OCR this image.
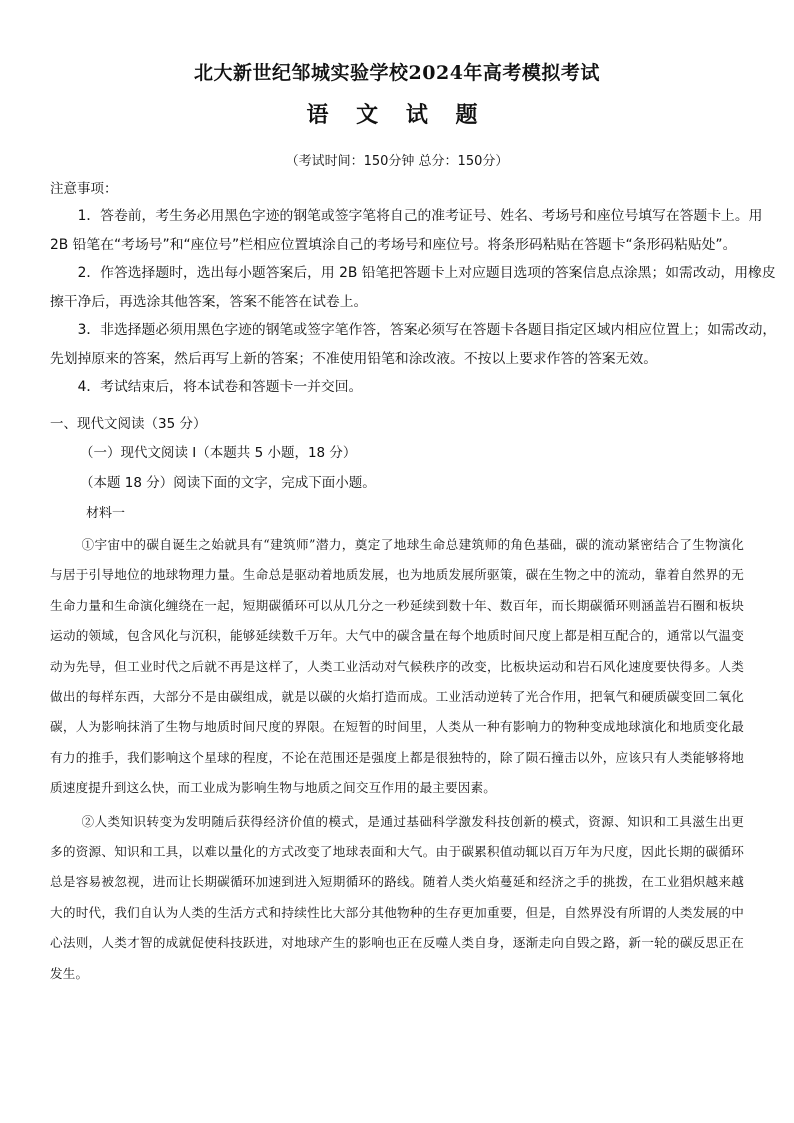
北大新世纪邹城实验学校2024年高考模拟考试
语 文 试 题
（考试时间：150分钟 总分：150分）
注意事项：

1．答卷前，考生务必用黑色字迹的钢笔或签字笔将自己的准考证号、姓名、考场号和座位号填写在答题卡上。用 2B 铅笔在“考场号”和“座位号”栏相应位置填涂自己的考场号和座位号。将条形码粘贴在答题卡“条形码粘贴处”。

2．作答选择题时，选出每小题答案后，用 2B 铅笔把答题卡上对应题目选项的答案信息点涂黑；如需改动，用橡皮擦干净后，再选涂其他答案，答案不能答在试卷上。

3．非选择题必须用黑色字迹的钢笔或签字笔作答，答案必须写在答题卡各题目指定区域内相应位置上；如需改动，先划掉原来的答案，然后再写上新的答案；不准使用铅笔和涂改液。不按以上要求作答的答案无效。

4．考试结束后，将本试卷和答题卡一并交回。

一、现代文阅读（35 分）
（一）现代文阅读 I（本题共 5 小题，18 分）
（本题 18 分）阅读下面的文字，完成下面小题。
材料一

①宇宙中的碳自诞生之始就具有“建筑师”潜力，奠定了地球生命总建筑师的角色基础，碳的流动紧密结合了生物演化与居于引导地位的地球物理力量。生命总是驱动着地质发展，也为地质发展所驱策，碳在生物之中的流动，靠着自然界的无生命力量和生命演化缠绕在一起，短期碳循环可以从几分之一秒延续到数十年、数百年，而长期碳循环则涵盖岩石圈和板块运动的领域，包含风化与沉积，能够延续数千万年。大气中的碳含量在每个地质时间尺度上都是相互配合的，通常以气温变动为先导，但工业时代之后就不再是这样了，人类工业活动对气候秩序的改变，比板块运动和岩石风化速度要快得多。人类做出的每样东西，大部分不是由碳组成，就是以碳的火焰打造而成。工业活动逆转了光合作用，把氧气和硬质碳变回二氧化碳，人为影响抹消了生物与地质时间尺度的界限。在短暂的时间里，人类从一种有影响力的物种变成地球演化和地质变化最有力的推手，我们影响这个星球的程度，不论在范围还是强度上都是很独特的，除了陨石撞击以外，应该只有人类能够将地质速度提升到这么快，而工业成为影响生物与地质之间交互作用的最主要因素。

②人类知识转变为发明随后获得经济价值的模式，是通过基础科学激发科技创新的模式，资源、知识和工具滋生出更多的资源、知识和工具，以难以量化的方式改变了地球表面和大气。由于碳累积值动辄以百万年为尺度，因此长期的碳循环总是容易被忽视，进而让长期碳循环加速到进入短期循环的路线。随着人类火焰蔓延和经济之手的挑拨，在工业猖炽越来越大的时代，我们自认为人类的生活方式和持续性比大部分其他物种的生存更加重要，但是，自然界没有所谓的人类发展的中心法则，人类才智的成就促使科技跃进，对地球产生的影响也正在反噬人类自身，逐渐走向自毁之路，新一轮的碳反思正在发生。
